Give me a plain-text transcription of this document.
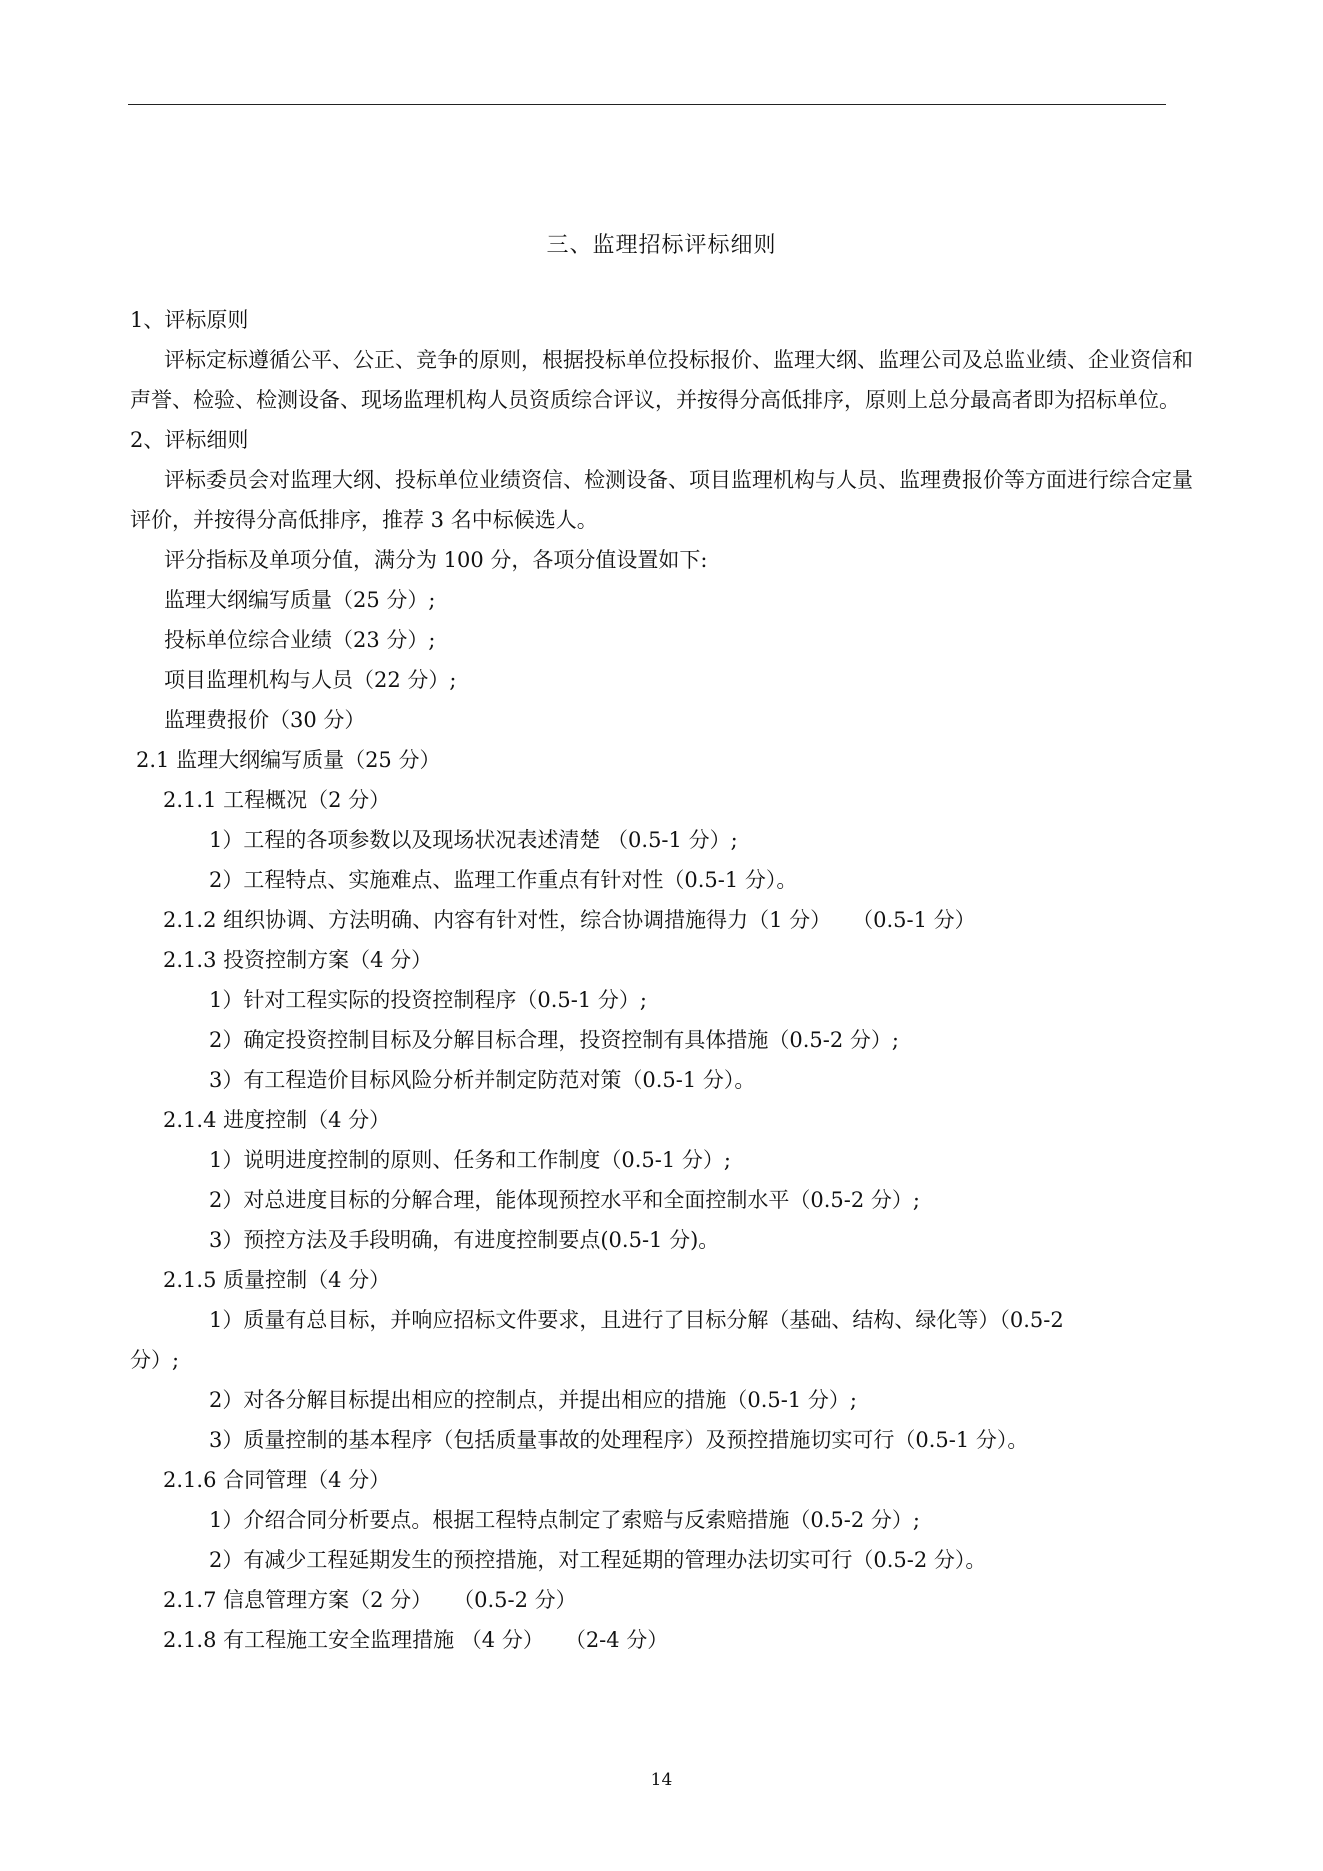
三、监理招标评标细则
1、评标原则
评标定标遵循公平、公正、竞争的原则，根据投标单位投标报价、监理大纲、监理公司及总监业绩、企业资信和声誉、检验、检测设备、现场监理机构人员资质综合评议，并按得分高低排序，原则上总分最高者即为招标单位。
2、评标细则
评标委员会对监理大纲、投标单位业绩资信、检测设备、项目监理机构与人员、监理费报价等方面进行综合定量评价，并按得分高低排序，推荐 3 名中标候选人。
评分指标及单项分值，满分为 100 分，各项分值设置如下:
监理大纲编写质量（25 分）;
投标单位综合业绩（23 分）;
项目监理机构与人员（22 分）;
监理费报价（30 分）
2.1 监理大纲编写质量（25 分）
2.1.1 工程概况（2 分）
1）工程的各项参数以及现场状况表述清楚 （0.5-1 分）;
2）工程特点、实施难点、监理工作重点有针对性（0.5-1 分）。
2.1.2 组织协调、方法明确、内容有针对性，综合协调措施得力（1 分）　　（0.5-1 分）
2.1.3 投资控制方案（4 分）
1）针对工程实际的投资控制程序（0.5-1 分）;
2）确定投资控制目标及分解目标合理，投资控制有具体措施（0.5-2 分）;
3）有工程造价目标风险分析并制定防范对策（0.5-1 分）。
2.1.4 进度控制（4 分）
1）说明进度控制的原则、任务和工作制度（0.5-1 分）;
2）对总进度目标的分解合理，能体现预控水平和全面控制水平（0.5-2 分）;
3）预控方法及手段明确，有进度控制要点(0.5-1 分)。
2.1.5 质量控制（4 分）
1）质量有总目标，并响应招标文件要求，且进行了目标分解（基础、结构、绿化等）（0.5-2
分）;
2）对各分解目标提出相应的控制点，并提出相应的措施（0.5-1 分）;
3）质量控制的基本程序（包括质量事故的处理程序）及预控措施切实可行（0.5-1 分）。
2.1.6 合同管理（4 分）
1）介绍合同分析要点。根据工程特点制定了索赔与反索赔措施（0.5-2 分）;
2）有减少工程延期发生的预控措施，对工程延期的管理办法切实可行（0.5-2 分）。
2.1.7 信息管理方案（2 分）　　（0.5-2 分）
2.1.8 有工程施工安全监理措施 （4 分）　　（2-4 分）
14
